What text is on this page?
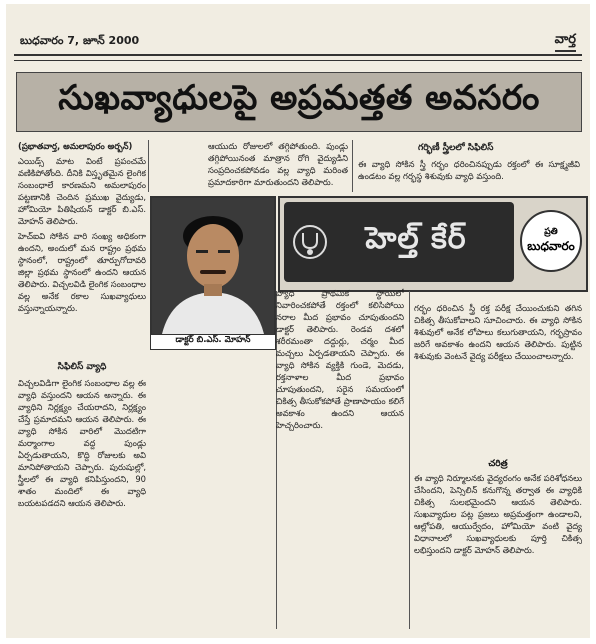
బుధవారం 7, జూన్ 2000	వార్త
సుఖవ్యాధులపై అప్రమత్తత అవసరం

(ప్రభాతవార్త, అమలాపురం అర్బన్)

ఎయిడ్స్ మాట వింటే ప్రపంచమే వణికిపోతోంది. దీనికి విస్తృతమైన లైంగిక సంబంధాలే కారణమని అమలాపురం పట్టణానికి చెందిన ప్రముఖ వైద్యుడు, హోమియో పితిషియన్ డాక్టర్ బి.ఎస్. మోహన్ తెలిపారు.

ఆయుదు రోజులలో తగ్గిపోతుంది. పుండ్లు తగ్గిపోయినంత మాత్రాన రోగి వైద్యుడిని సంప్రదించకపోవడం వల్ల వ్యాధి మరింత ప్రమాదకారిగా మారుతుందని తెలిపారు.

గర్భిణీ స్త్రీలలో సిఫిలిస్

ఈ వ్యాధి సోకిన స్త్రీ గర్భం ధరించినప్పుడు రక్తంలో ఈ సూక్ష్మజీవి ఉండటం వల్ల గర్భస్థ శిశువుకు వ్యాధి వస్తుంది.

హెచ్ఐవి సోకిన వారి సంఖ్య అధికంగా ఉందని, అందులో మన రాష్ట్రం ప్రథమ స్థానంలో, రాష్ట్రంలో తూర్పుగోదావరి జిల్లా ప్రథమ స్థానంలో ఉందని ఆయన తెలిపారు. విచ్చలవిడి లైంగిక సంబంధాల వల్ల అనేక రకాల సుఖవ్యాధులు వస్తున్నాయన్నారు.

డాక్టర్ బి.ఎస్. మోహన్
హెల్త్ కేర్	ప్రతి
బుధవారం
సిఫిలిస్ వ్యాధి

విచ్చలవిడిగా లైంగిక సంబంధాల వల్ల ఈ వ్యాధి వస్తుందని ఆయన అన్నారు. ఈ వ్యాధిని నిర్లక్ష్యం చేయరాదని, నిర్లక్ష్యం చేస్తే ప్రమాదమని ఆయన తెలిపారు. ఈ వ్యాధి సోకిన వారిలో మొదటిగా మర్మాంగాల వద్ద పుండ్లు ఏర్పడుతాయని, కొద్ది రోజులకు అవి మానిపోతాయని చెప్పారు. పురుషుల్లో, స్త్రీలలో ఈ వ్యాధి కనిపిస్తుందని, 90 శాతం మందిలో ఈ వ్యాధి బయటపడదని ఆయన తెలిపారు.

వ్యాధి ప్రాథమిక స్థాయిలో నివారించకపోతే రక్తంలో కలిసిపోయి నరాల మీద ప్రభావం చూపుతుందని డాక్టర్ తెలిపారు. రెండవ దశలో శరీరమంతా దద్దుర్లు, చర్మం మీద మచ్చలు ఏర్పడతాయని చెప్పారు. ఈ వ్యాధి సోకిన వ్యక్తికి గుండె, మెదడు, రక్తనాళాల మీద ప్రభావం చూపుతుందని, సరైన సమయంలో చికిత్స తీసుకోకపోతే ప్రాణాపాయం కలిగే అవకాశం ఉందని ఆయన హెచ్చరించారు.

గర్భం ధరించిన స్త్రీ రక్త పరీక్ష చేయించుకుని తగిన చికిత్స తీసుకోవాలని సూచించారు. ఈ వ్యాధి సోకిన శిశువులో అనేక లోపాలు కలుగుతాయని, గర్భస్రావం జరిగే అవకాశం ఉందని ఆయన తెలిపారు. పుట్టిన శిశువుకు వెంటనే వైద్య పరీక్షలు చేయించాలన్నారు.

చరిత్ర

ఈ వ్యాధి నిర్మూలనకు వైద్యరంగం అనేక పరిశోధనలు చేసిందని, పెన్సిలిన్ కనుగొన్న తర్వాత ఈ వ్యాధికి చికిత్స సులభమైందని ఆయన తెలిపారు. సుఖవ్యాధుల పట్ల ప్రజలు అప్రమత్తంగా ఉండాలని, ఆల్లోపతి, ఆయుర్వేదం, హోమియో వంటి వైద్య విధానాలలో సుఖవ్యాధులకు పూర్తి చికిత్స లభిస్తుందని డాక్టర్ మోహన్ తెలిపారు.
